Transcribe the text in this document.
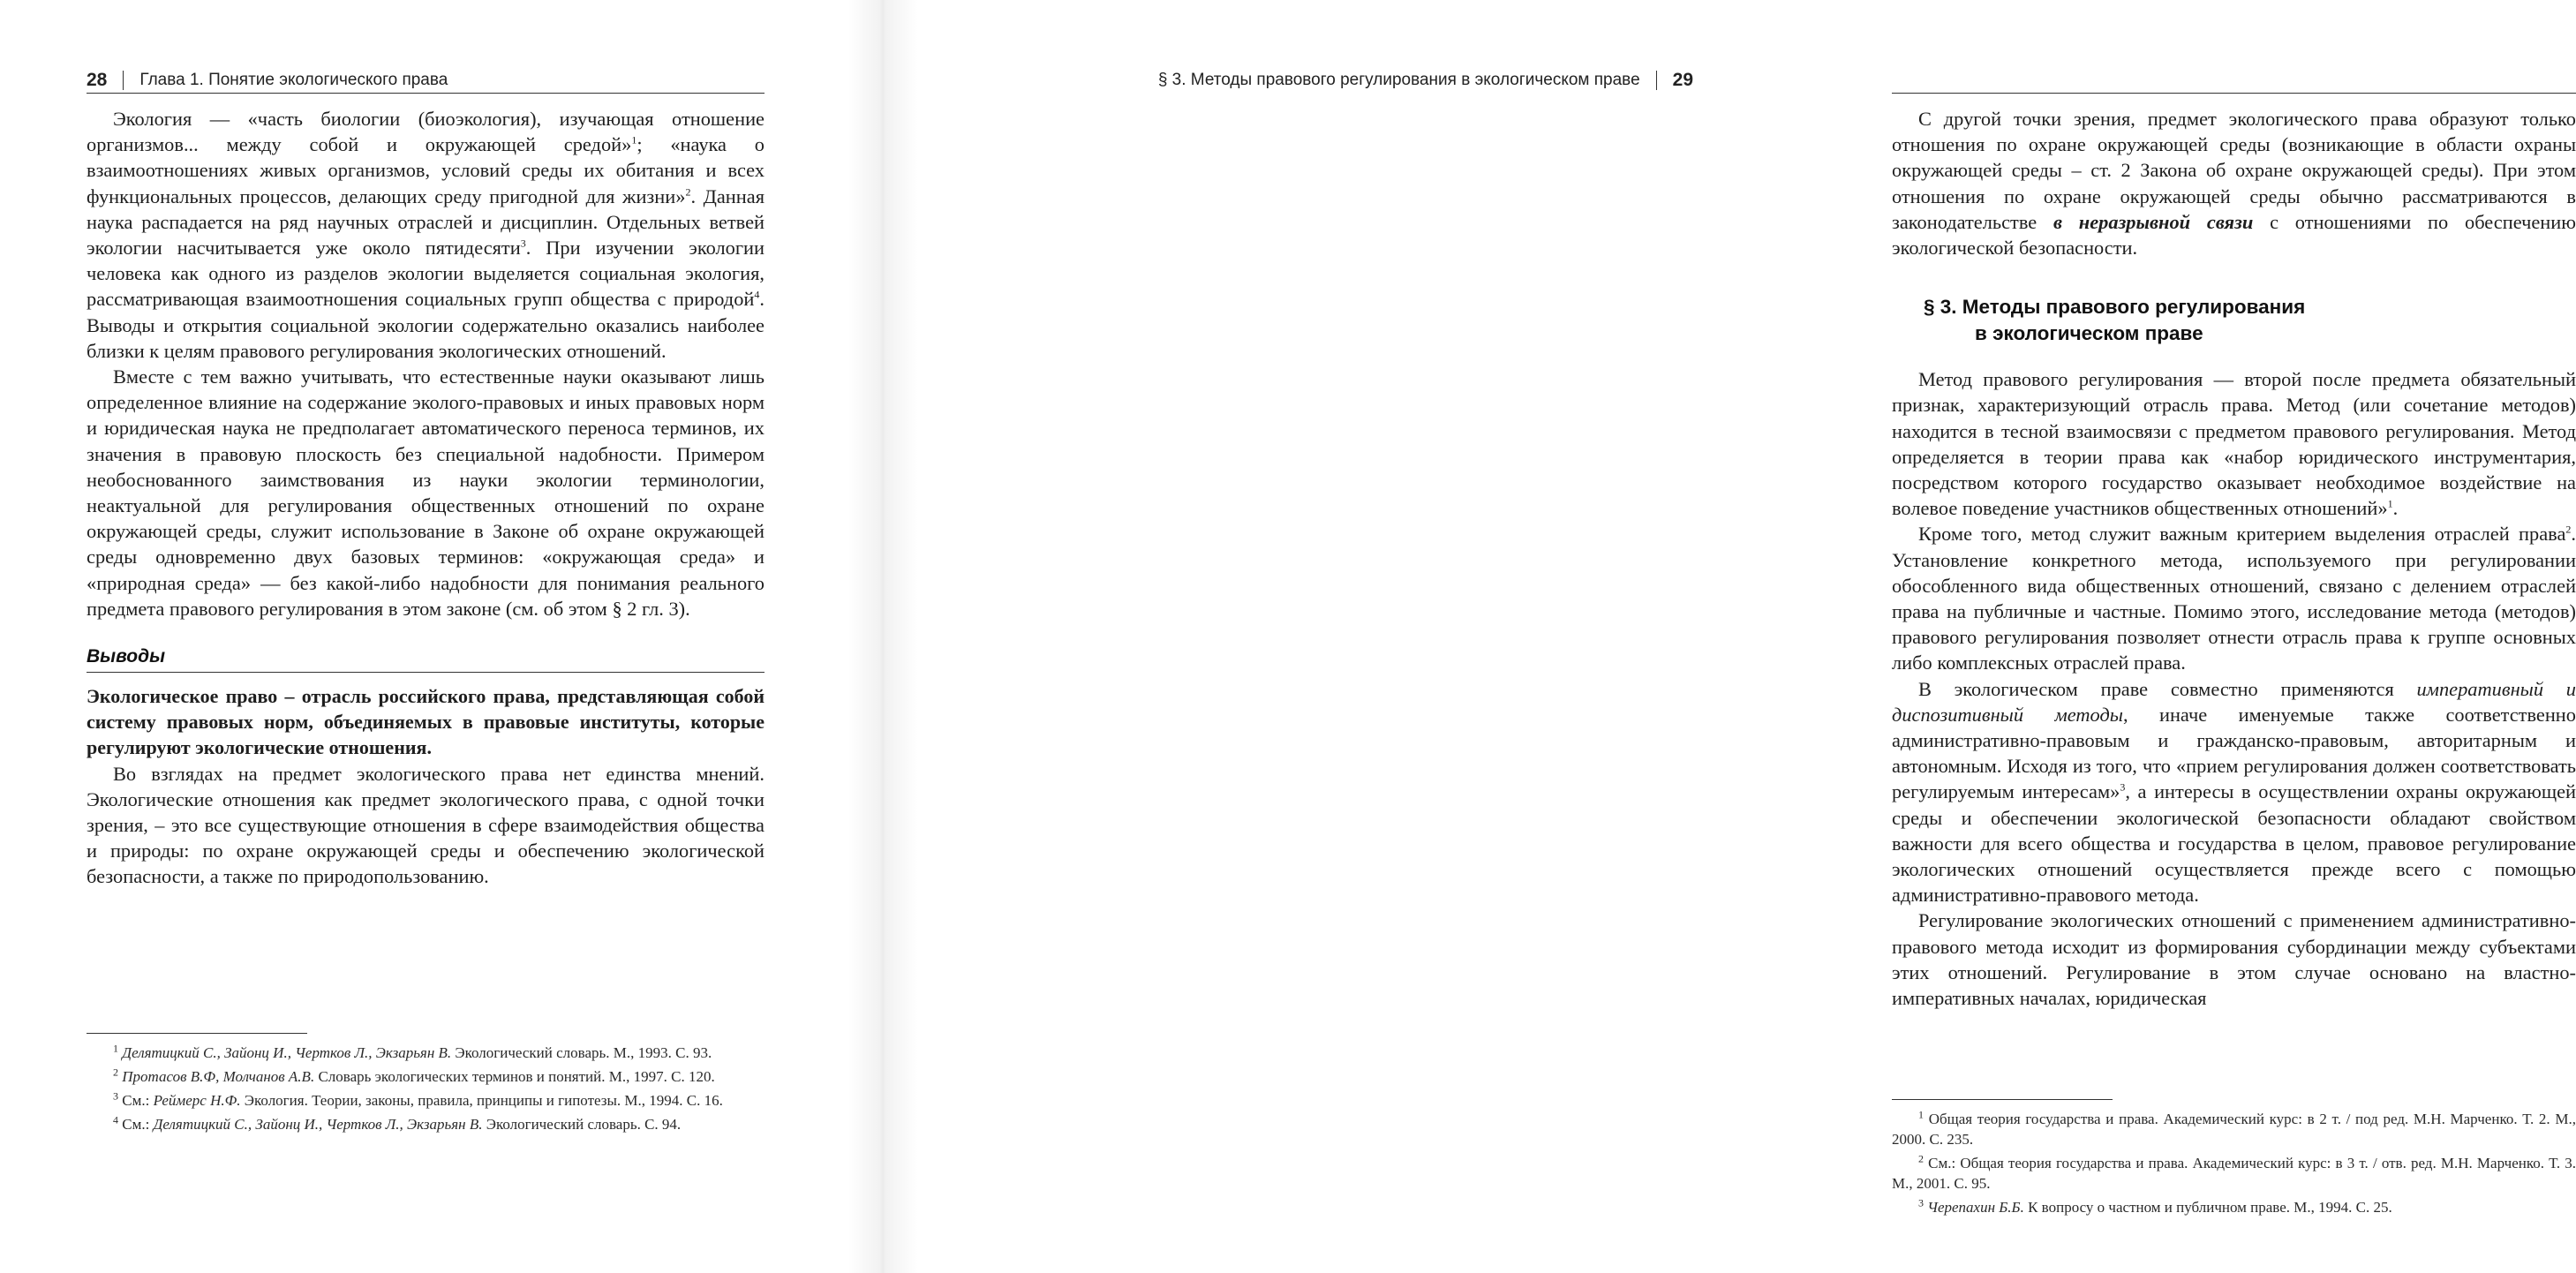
28 Глава 1. Понятие экологического права

Экология — «часть биологии (биоэкология), изучающая отношение организмов... между собой и окружающей средой»$^1$; «наука о взаимоотношениях живых организмов, условий среды их обитания и всех функциональных процессов, делающих среду пригодной для жизни»$^2$. Данная наука распадается на ряд научных отраслей и дисциплин. Отдельных ветвей экологии насчитывается уже около пятидесяти$^3$. При изучении экологии человека как одного из разделов экологии выделяется социальная экология, рассматривающая взаимоотношения социальных групп общества с природой$^4$. Выводы и открытия социальной экологии содержательно оказались наиболее близки к целям правового регулирования экологических отношений.

Вместе с тем важно учитывать, что естественные науки оказывают лишь определенное влияние на содержание эколого-правовых и иных правовых норм и юридическая наука не предполагает автоматического переноса терминов, их значения в правовую плоскость без специальной надобности. Примером необоснованного заимствования из науки экологии терминологии, неактуальной для регулирования общественных отношений по охране окружающей среды, служит использование в Законе об охране окружающей среды одновременно двух базовых терминов: «окружающая среда» и «природная среда» — без какой-либо надобности для понимания реального предмета правового регулирования в этом законе (см. об этом § 2 гл. 3).

Выводы

Экологическое право – отрасль российского права, представляющая собой систему правовых норм, объединяемых в правовые институты, которые регулируют экологические отношения.

Во взглядах на предмет экологического права нет единства мнений. Экологические отношения как предмет экологического права, с одной точки зрения, – это все существующие отношения в сфере взаимодействия общества и природы: по охране окружающей среды и обеспечению экологической безопасности, а также по природопользованию.

$^1$ Делятицкий С., Зайонц И., Чертков Л., Экзарьян В. Экологический словарь. М., 1993. С. 93.

$^2$ Протасов В.Ф, Молчанов А.В. Словарь экологических терминов и понятий. М., 1997. С. 120.

$^3$ См.: Реймерс Н.Ф. Экология. Теории, законы, правила, принципы и гипотезы. М., 1994. С. 16.

$^4$ См.: Делятицкий С., Зайонц И., Чертков Л., Экзарьян В. Экологический словарь. С. 94.

§ 3. Методы правового регулирования в экологическом праве 29

С другой точки зрения, предмет экологического права образуют только отношения по охране окружающей среды (возникающие в области охраны окружающей среды – ст. 2 Закона об охране окружающей среды). При этом отношения по охране окружающей среды обычно рассматриваются в законодательстве в неразрывной связи с отношениями по обеспечению экологической безопасности.

§ 3. Методы правового регулирования
в экологическом праве

Метод правового регулирования — второй после предмета обязательный признак, характеризующий отрасль права. Метод (или сочетание методов) находится в тесной взаимосвязи с предметом правового регулирования. Метод определяется в теории права как «набор юридического инструментария, посредством которого государство оказывает необходимое воздействие на волевое поведение участников общественных отношений»$^1$.

Кроме того, метод служит важным критерием выделения отраслей права$^2$. Установление конкретного метода, используемого при регулировании обособленного вида общественных отношений, связано с делением отраслей права на публичные и частные. Помимо этого, исследование метода (методов) правового регулирования позволяет отнести отрасль права к группе основных либо комплексных отраслей права.

В экологическом праве совместно применяются императивный и диспозитивный методы, иначе именуемые также соответственно административно-правовым и гражданско-правовым, авторитарным и автономным. Исходя из того, что «прием регулирования должен соответствовать регулируемым интересам»$^3$, а интересы в осуществлении охраны окружающей среды и обеспечении экологической безопасности обладают свойством важности для всего общества и государства в целом, правовое регулирование экологических отношений осуществляется прежде всего с помощью административно-правового метода.

Регулирование экологических отношений с применением административно-правового метода исходит из формирования субординации между субъектами этих отношений. Регулирование в этом случае основано на властно-императивных началах, юридическая

$^1$ Общая теория государства и права. Академический курс: в 2 т. / под ред. М.Н. Марченко. Т. 2. М., 2000. С. 235.

$^2$ См.: Общая теория государства и права. Академический курс: в 3 т. / отв. ред. М.Н. Марченко. Т. 3. М., 2001. С. 95.

$^3$ Черепахин Б.Б. К вопросу о частном и публичном праве. М., 1994. С. 25.
